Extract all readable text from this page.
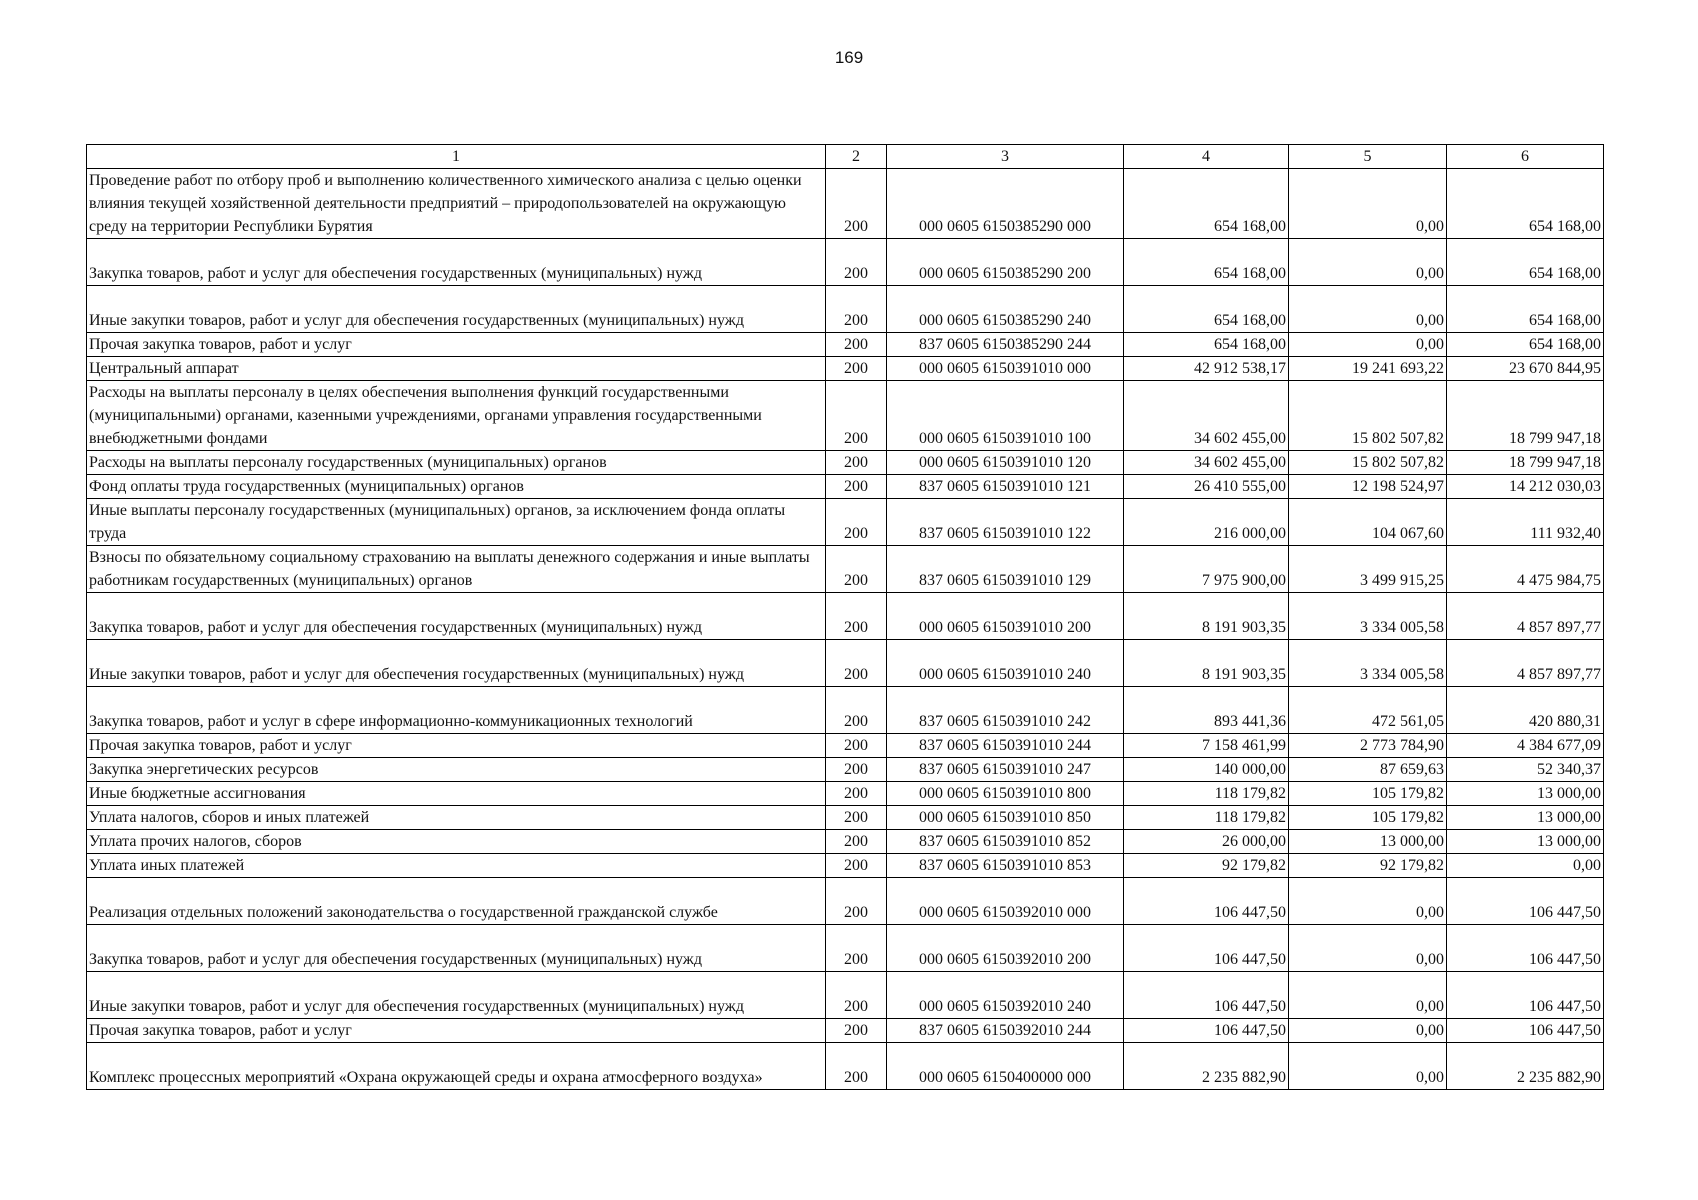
169
1	2	3	4	5	6
Проведение работ по отбору проб и выполнению количественного химического анализа с целью оценки влияния текущей хозяйственной деятельности предприятий – природопользователей на окружающую среду на территории Республики Бурятия	200	000 0605 6150385290 000	654 168,00	0,00	654 168,00
Закупка товаров, работ и услуг для обеспечения государственных (муниципальных) нужд	200	000 0605 6150385290 200	654 168,00	0,00	654 168,00
Иные закупки товаров, работ и услуг для обеспечения государственных (муниципальных) нужд	200	000 0605 6150385290 240	654 168,00	0,00	654 168,00
Прочая закупка товаров, работ и услуг	200	837 0605 6150385290 244	654 168,00	0,00	654 168,00
Центральный аппарат	200	000 0605 6150391010 000	42 912 538,17	19 241 693,22	23 670 844,95
Расходы на выплаты персоналу в целях обеспечения выполнения функций государственными (муниципальными) органами, казенными учреждениями, органами управления государственными внебюджетными фондами	200	000 0605 6150391010 100	34 602 455,00	15 802 507,82	18 799 947,18
Расходы на выплаты персоналу государственных (муниципальных) органов	200	000 0605 6150391010 120	34 602 455,00	15 802 507,82	18 799 947,18
Фонд оплаты труда государственных (муниципальных) органов	200	837 0605 6150391010 121	26 410 555,00	12 198 524,97	14 212 030,03
Иные выплаты персоналу государственных (муниципальных) органов, за исключением фонда оплаты труда	200	837 0605 6150391010 122	216 000,00	104 067,60	111 932,40
Взносы по обязательному социальному страхованию на выплаты денежного содержания и иные выплаты работникам государственных (муниципальных) органов	200	837 0605 6150391010 129	7 975 900,00	3 499 915,25	4 475 984,75
Закупка товаров, работ и услуг для обеспечения государственных (муниципальных) нужд	200	000 0605 6150391010 200	8 191 903,35	3 334 005,58	4 857 897,77
Иные закупки товаров, работ и услуг для обеспечения государственных (муниципальных) нужд	200	000 0605 6150391010 240	8 191 903,35	3 334 005,58	4 857 897,77
Закупка товаров, работ и услуг в сфере информационно-коммуникационных технологий	200	837 0605 6150391010 242	893 441,36	472 561,05	420 880,31
Прочая закупка товаров, работ и услуг	200	837 0605 6150391010 244	7 158 461,99	2 773 784,90	4 384 677,09
Закупка энергетических ресурсов	200	837 0605 6150391010 247	140 000,00	87 659,63	52 340,37
Иные бюджетные ассигнования	200	000 0605 6150391010 800	118 179,82	105 179,82	13 000,00
Уплата налогов, сборов и иных платежей	200	000 0605 6150391010 850	118 179,82	105 179,82	13 000,00
Уплата прочих налогов, сборов	200	837 0605 6150391010 852	26 000,00	13 000,00	13 000,00
Уплата иных платежей	200	837 0605 6150391010 853	92 179,82	92 179,82	0,00
Реализация отдельных положений законодательства о государственной гражданской службе	200	000 0605 6150392010 000	106 447,50	0,00	106 447,50
Закупка товаров, работ и услуг для обеспечения государственных (муниципальных) нужд	200	000 0605 6150392010 200	106 447,50	0,00	106 447,50
Иные закупки товаров, работ и услуг для обеспечения государственных (муниципальных) нужд	200	000 0605 6150392010 240	106 447,50	0,00	106 447,50
Прочая закупка товаров, работ и услуг	200	837 0605 6150392010 244	106 447,50	0,00	106 447,50
Комплекс процессных мероприятий «Охрана окружающей среды и охрана атмосферного воздуха»	200	000 0605 6150400000 000	2 235 882,90	0,00	2 235 882,90
